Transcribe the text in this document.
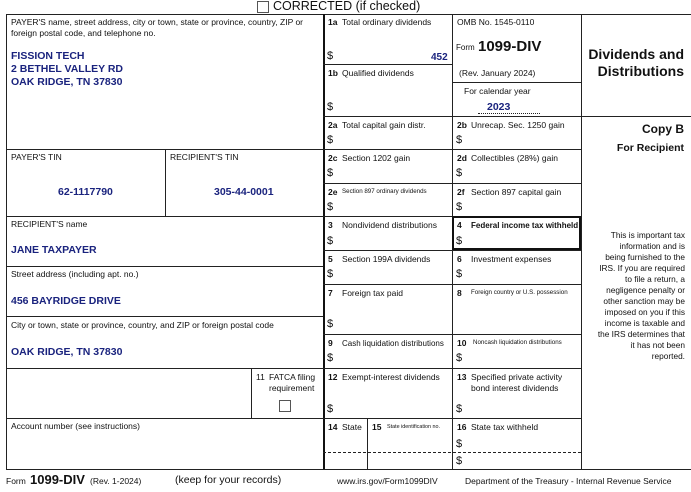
CORRECTED (if checked)
PAYER'S name, street address, city or town, state or province, country, ZIP or foreign postal code, and telephone no.
FISSION TECH
2 BETHEL VALLEY RD
OAK RIDGE, TN 37830
PAYER'S TIN
62-1117790
RECIPIENT'S TIN
305-44-0001
RECIPIENT'S name
JANE TAXPAYER
Street address (including apt. no.)
456 BAYRIDGE DRIVE
City or town, state or province, country, and ZIP or foreign postal code
OAK RIDGE, TN 37830
11 FATCA filing
requirement
Account number (see instructions)
OMB No. 1545-0110
Form 1099-DIV
(Rev. January 2024)
For calendar year
2023
Dividends and
Distributions
1a Total ordinary dividends
$	452
1b Qualified dividends
$
2a Total capital gain distr.
$
2b Unrecap. Sec. 1250 gain
$
2c Section 1202 gain
$
2d Collectibles (28%) gain
$
2e Section 897 ordinary dividends
$
2f Section 897 capital gain
$
3 Nondividend distributions
$
4 Federal income tax withheld
$
5 Section 199A dividends
$
6 Investment expenses
$
7 Foreign tax paid
$
8 Foreign country or U.S. possession
9 Cash liquidation distributions
$
10 Noncash liquidation distributions
$
12 Exempt-interest dividends
$
13 Specified private activity
bond interest dividends
$
14 State 15 State identification no. 16 State tax withheld
$
$
Copy B
For Recipient
This is important tax information and is being furnished to the IRS. If you are required to file a return, a negligence penalty or other sanction may be imposed on you if this income is taxable and the IRS determines that it has not been reported.
Form 1099-DIV (Rev. 1-2024)	(keep for your records)	www.irs.gov/Form1099DIV	Department of the Treasury - Internal Revenue Service
